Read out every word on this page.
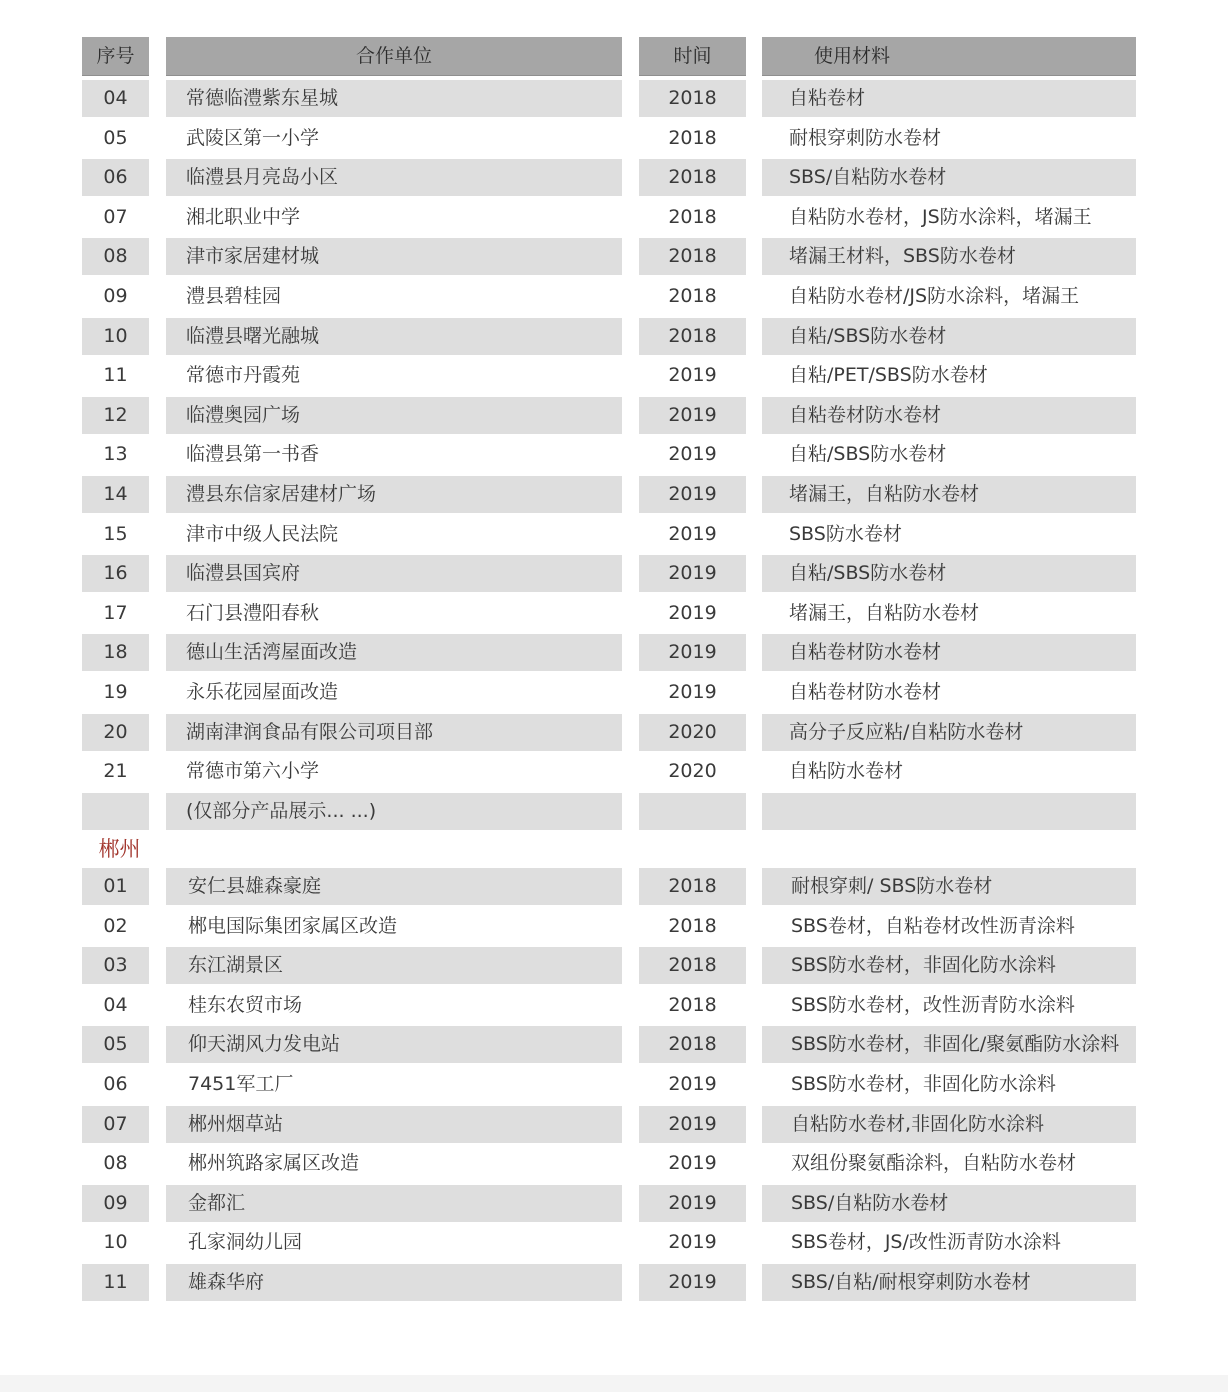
序号	合作单位	时间	使用材料
04	常德临澧紫东星城	2018	自粘卷材
05	武陵区第一小学	2018	耐根穿刺防水卷材
06	临澧县月亮岛小区	2018	SBS/自粘防水卷材
07	湘北职业中学	2018	自粘防水卷材，JS防水涂料，堵漏王
08	津市家居建材城	2018	堵漏王材料，SBS防水卷材
09	澧县碧桂园	2018	自粘防水卷材/JS防水涂料，堵漏王
10	临澧县曙光融城	2018	自粘/SBS防水卷材
11	常德市丹霞苑	2019	自粘/PET/SBS防水卷材
12	临澧奥园广场	2019	自粘卷材防水卷材
13	临澧县第一书香	2019	自粘/SBS防水卷材
14	澧县东信家居建材广场	2019	堵漏王，自粘防水卷材
15	津市中级人民法院	2019	SBS防水卷材
16	临澧县国宾府	2019	自粘/SBS防水卷材
17	石门县澧阳春秋	2019	堵漏王，自粘防水卷材
18	德山生活湾屋面改造	2019	自粘卷材防水卷材
19	永乐花园屋面改造	2019	自粘卷材防水卷材
20	湖南津润食品有限公司项目部	2020	高分子反应粘/自粘防水卷材
21	常德市第六小学	2020	自粘防水卷材
(仅部分产品展示... ...)
郴州
01	安仁县雄森豪庭	2018	耐根穿刺/ SBS防水卷材
02	郴电国际集团家属区改造	2018	SBS卷材，自粘卷材改性沥青涂料
03	东江湖景区	2018	SBS防水卷材，非固化防水涂料
04	桂东农贸市场	2018	SBS防水卷材，改性沥青防水涂料
05	仰天湖风力发电站	2018	SBS防水卷材，非固化/聚氨酯防水涂料
06	7451军工厂	2019	SBS防水卷材，非固化防水涂料
07	郴州烟草站	2019	自粘防水卷材,非固化防水涂料
08	郴州筑路家属区改造	2019	双组份聚氨酯涂料，自粘防水卷材
09	金都汇	2019	SBS/自粘防水卷材
10	孔家洞幼儿园	2019	SBS卷材，JS/改性沥青防水涂料
11	雄森华府	2019	SBS/自粘/耐根穿刺防水卷材
